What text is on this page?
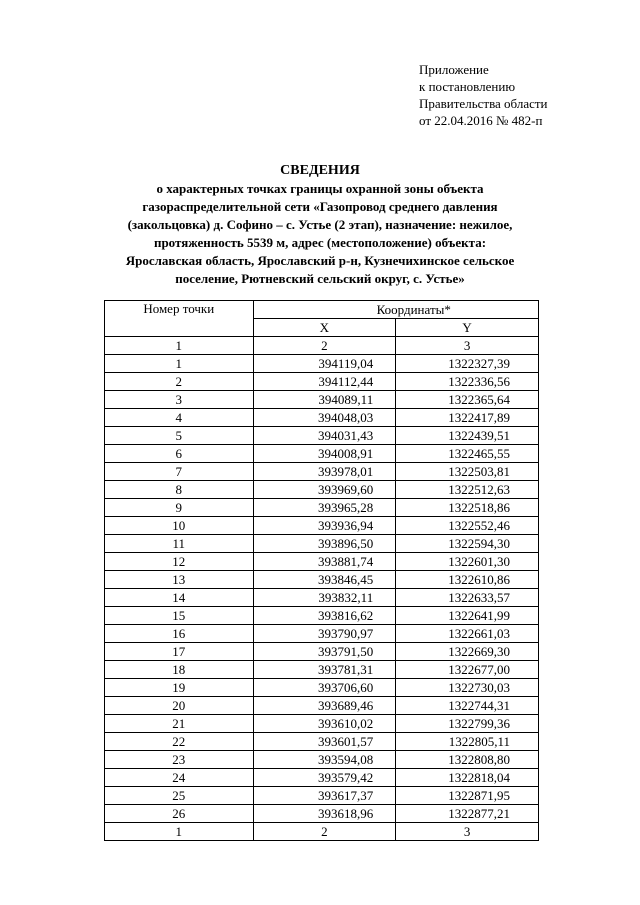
Приложение
к постановлению
Правительства области
от 22.04.2016 № 482-п
СВЕДЕНИЯ
о характерных точках границы охранной зоны объекта
газораспределительной сети «Газопровод среднего давления
(закольцовка) д. Софино – с. Устье (2 этап), назначение: нежилое,
протяженность 5539 м, адрес (местоположение) объекта:
Ярославская область, Ярославский р-н, Кузнечихинское сельское
поселение, Рютневский сельский округ, с. Устье»
Номер точки	Координаты*	
	X	Y
1	2	3
1	394119,04	1322327,39
2	394112,44	1322336,56
3	394089,11	1322365,64
4	394048,03	1322417,89
5	394031,43	1322439,51
6	394008,91	1322465,55
7	393978,01	1322503,81
8	393969,60	1322512,63
9	393965,28	1322518,86
10	393936,94	1322552,46
11	393896,50	1322594,30
12	393881,74	1322601,30
13	393846,45	1322610,86
14	393832,11	1322633,57
15	393816,62	1322641,99
16	393790,97	1322661,03
17	393791,50	1322669,30
18	393781,31	1322677,00
19	393706,60	1322730,03
20	393689,46	1322744,31
21	393610,02	1322799,36
22	393601,57	1322805,11
23	393594,08	1322808,80
24	393579,42	1322818,04
25	393617,37	1322871,95
26	393618,96	1322877,21
1	2	3
